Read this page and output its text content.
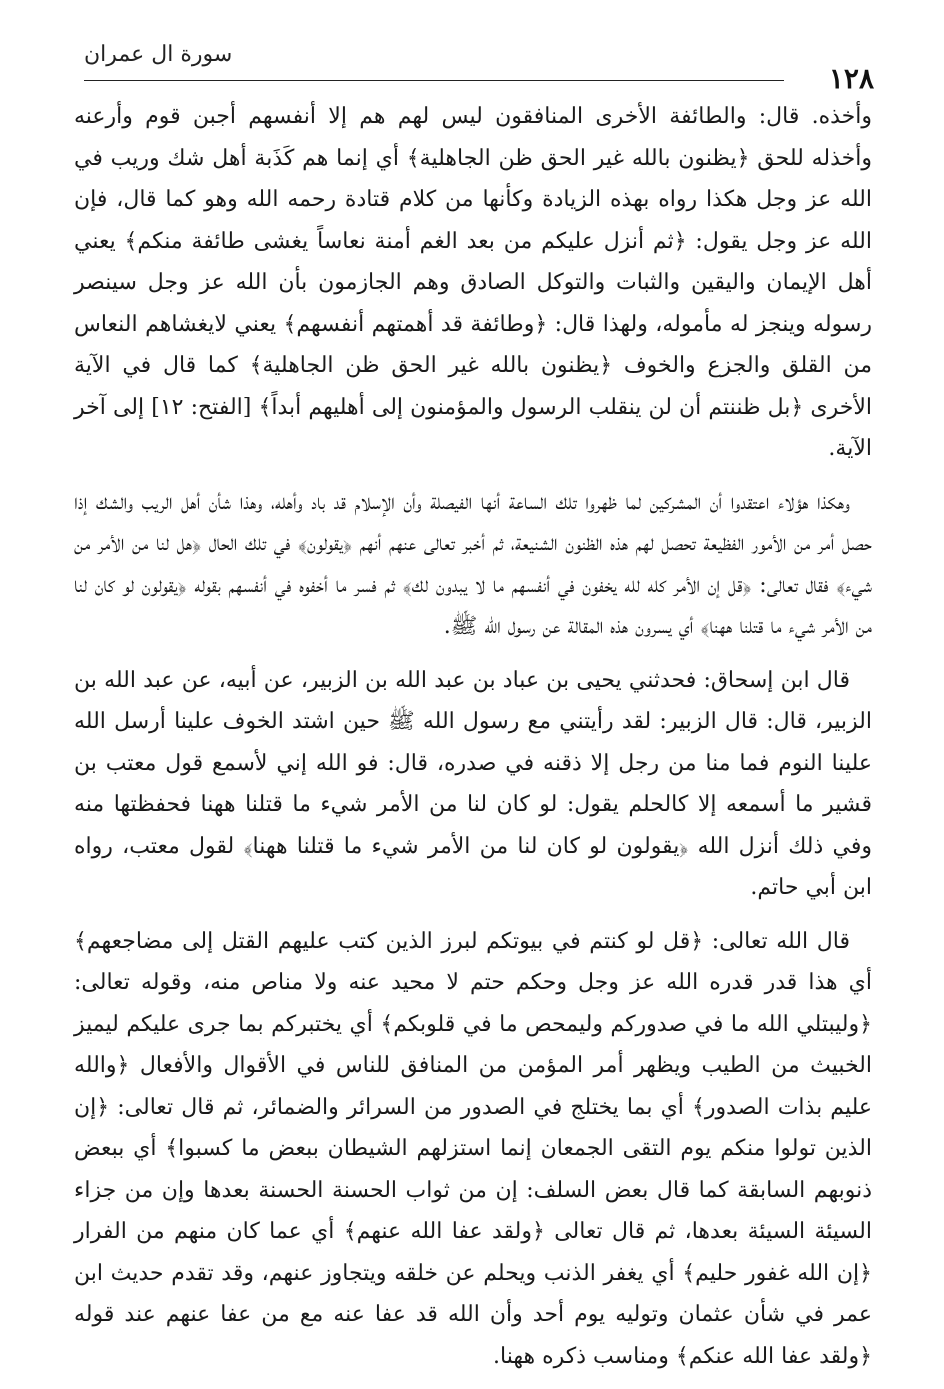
سورة ال عمران
١٢٨

وأخذه. قال: والطائفة الأخرى المنافقون ليس لهم هم إلا أنفسهم أجبن قوم وأرعنه وأخذله للحق ﴿يظنون بالله غير الحق ظن الجاهلية﴾ أي إنما هم كَذَبة أهل شك وريب في الله عز وجل هكذا رواه بهذه الزيادة وكأنها من كلام قتادة رحمه الله وهو كما قال، فإن الله عز وجل يقول: ﴿ثم أنزل عليكم من بعد الغم أمنة نعاساً يغشى طائفة منكم﴾ يعني أهل الإيمان واليقين والثبات والتوكل الصادق وهم الجازمون بأن الله عز وجل سينصر رسوله وينجز له مأموله، ولهذا قال: ﴿وطائفة قد أهمتهم أنفسهم﴾ يعني لايغشاهم النعاس من القلق والجزع والخوف ﴿يظنون بالله غير الحق ظن الجاهلية﴾ كما قال في الآية الأخرى ﴿بل ظننتم أن لن ينقلب الرسول والمؤمنون إلى أهليهم أبداً﴾ [الفتح: ١٢] إلى آخر الآية.

وهكذا هؤلاء اعتقدوا أن المشركين لما ظهروا تلك الساعة أنها الفيصلة وأن الإسلام قد باد وأهله، وهذا شأن أهل الريب والشك إذا حصل أمر من الأمور الفظيعة تحصل لهم هذه الظنون الشنيعة، ثم أخبر تعالى عنهم أنهم ﴿يقولون﴾ في تلك الحال ﴿هل لنا من الأمر من شيء﴾ فقال تعالى: ﴿قل إن الأمر كله لله يخفون في أنفسهم ما لا يبدون لك﴾ ثم فسر ما أخفوه في أنفسهم بقوله ﴿يقولون لو كان لنا من الأمر شيء ما قتلنا ههنا﴾ أي يسرون هذه المقالة عن رسول الله ﷺ.

قال ابن إسحاق: فحدثني يحيى بن عباد بن عبد الله بن الزبير، عن أبيه، عن عبد الله بن الزبير، قال: قال الزبير: لقد رأيتني مع رسول الله ﷺ حين اشتد الخوف علينا أرسل الله علينا النوم فما منا من رجل إلا ذقنه في صدره، قال: فو الله إني لأسمع قول معتب بن قشير ما أسمعه إلا كالحلم يقول: لو كان لنا من الأمر شيء ما قتلنا ههنا فحفظتها منه وفي ذلك أنزل الله ﴿يقولون لو كان لنا من الأمر شيء ما قتلنا ههنا﴾ لقول معتب، رواه ابن أبي حاتم.

قال الله تعالى: ﴿قل لو كنتم في بيوتكم لبرز الذين كتب عليهم القتل إلى مضاجعهم﴾ أي هذا قدر قدره الله عز وجل وحكم حتم لا محيد عنه ولا مناص منه، وقوله تعالى: ﴿وليبتلي الله ما في صدوركم وليمحص ما في قلوبكم﴾ أي يختبركم بما جرى عليكم ليميز الخبيث من الطيب ويظهر أمر المؤمن من المنافق للناس في الأقوال والأفعال ﴿والله عليم بذات الصدور﴾ أي بما يختلج في الصدور من السرائر والضمائر، ثم قال تعالى: ﴿إن الذين تولوا منكم يوم التقى الجمعان إنما استزلهم الشيطان ببعض ما كسبوا﴾ أي ببعض ذنوبهم السابقة كما قال بعض السلف: إن من ثواب الحسنة الحسنة بعدها وإن من جزاء السيئة السيئة بعدها، ثم قال تعالى ﴿ولقد عفا الله عنهم﴾ أي عما كان منهم من الفرار ﴿إن الله غفور حليم﴾ أي يغفر الذنب ويحلم عن خلقه ويتجاوز عنهم، وقد تقدم حديث ابن عمر في شأن عثمان وتوليه يوم أحد وأن الله قد عفا عنه مع من عفا عنهم عند قوله ﴿ولقد عفا الله عنكم﴾ ومناسب ذكره ههنا.
